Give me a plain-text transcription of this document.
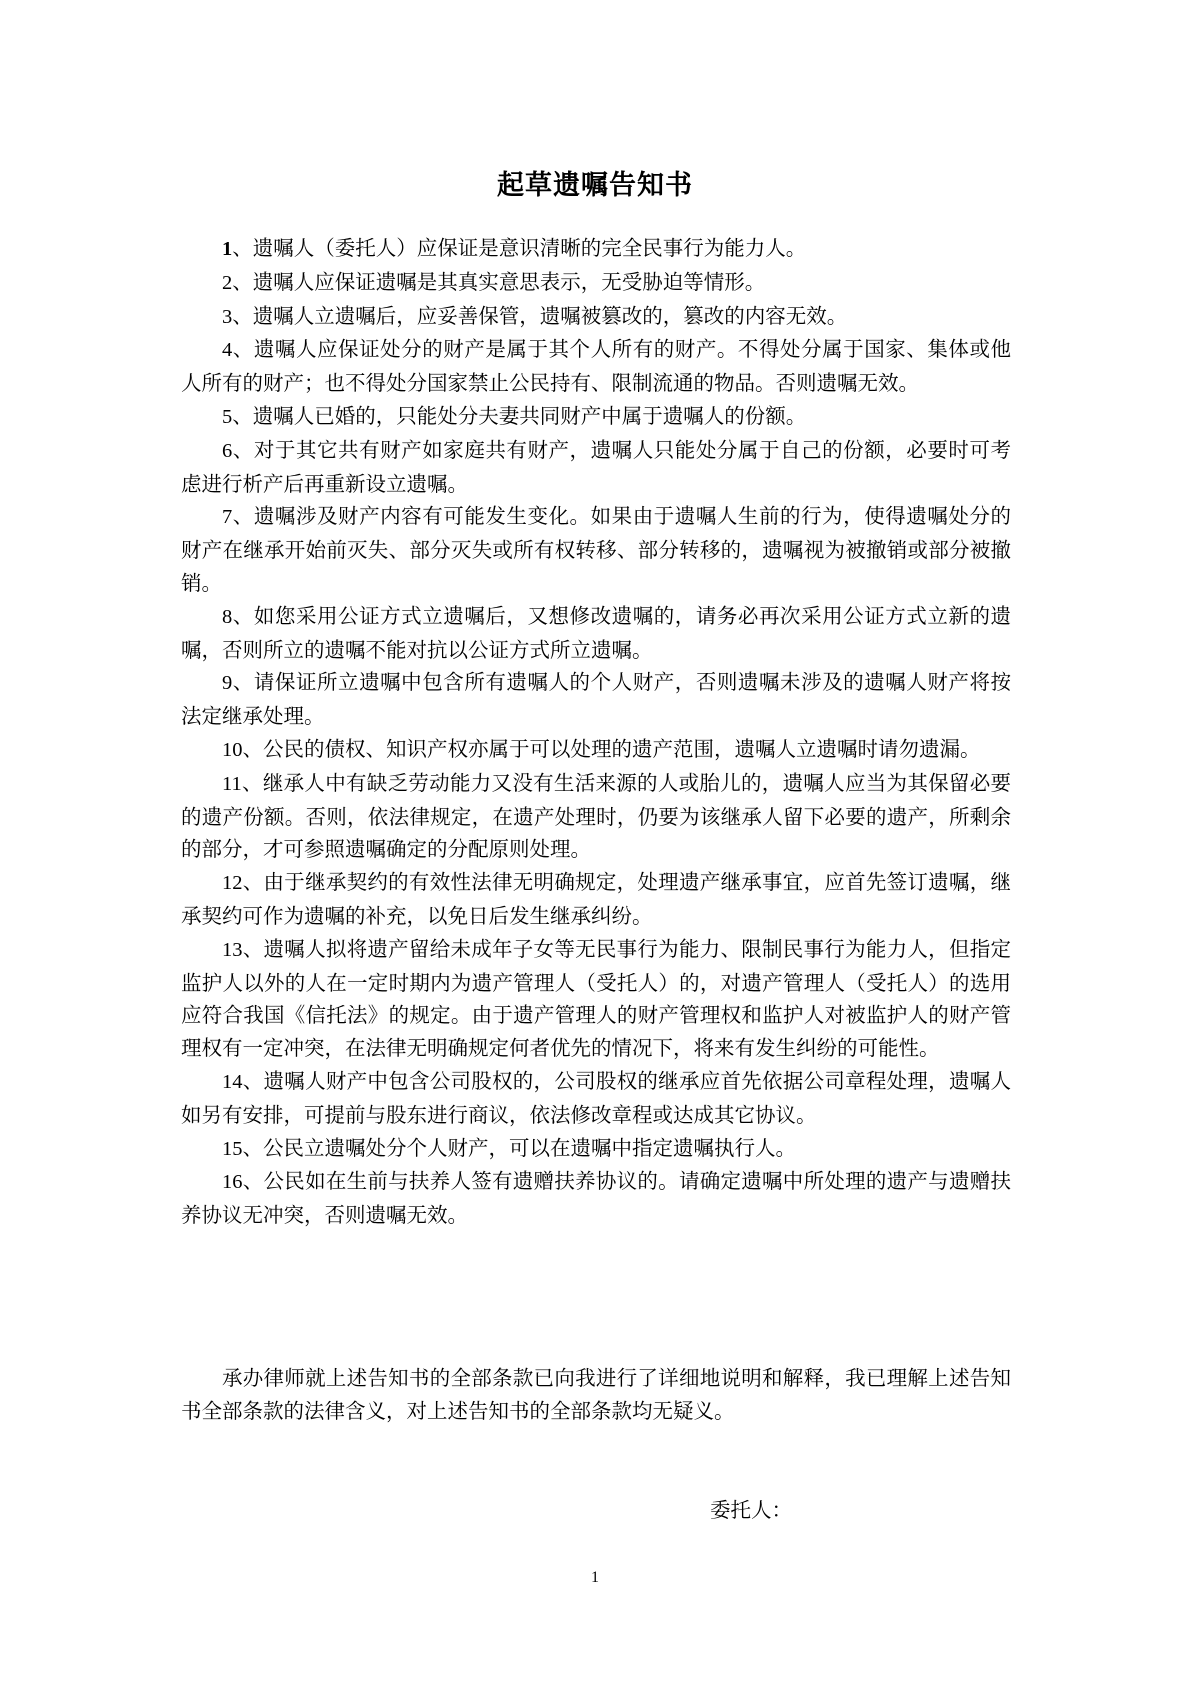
起草遗嘱告知书

1、遗嘱人（委托人）应保证是意识清晰的完全民事行为能力人。

2、遗嘱人应保证遗嘱是其真实意思表示，无受胁迫等情形。

3、遗嘱人立遗嘱后，应妥善保管，遗嘱被篡改的，篡改的内容无效。

4、遗嘱人应保证处分的财产是属于其个人所有的财产。不得处分属于国家、集体或他人所有的财产；也不得处分国家禁止公民持有、限制流通的物品。否则遗嘱无效。

5、遗嘱人已婚的，只能处分夫妻共同财产中属于遗嘱人的份额。

6、对于其它共有财产如家庭共有财产，遗嘱人只能处分属于自己的份额，必要时可考虑进行析产后再重新设立遗嘱。

7、遗嘱涉及财产内容有可能发生变化。如果由于遗嘱人生前的行为，使得遗嘱处分的财产在继承开始前灭失、部分灭失或所有权转移、部分转移的，遗嘱视为被撤销或部分被撤销。

8、如您采用公证方式立遗嘱后，又想修改遗嘱的，请务必再次采用公证方式立新的遗嘱，否则所立的遗嘱不能对抗以公证方式所立遗嘱。

9、请保证所立遗嘱中包含所有遗嘱人的个人财产，否则遗嘱未涉及的遗嘱人财产将按法定继承处理。

10、公民的债权、知识产权亦属于可以处理的遗产范围，遗嘱人立遗嘱时请勿遗漏。

11、继承人中有缺乏劳动能力又没有生活来源的人或胎儿的，遗嘱人应当为其保留必要的遗产份额。否则，依法律规定，在遗产处理时，仍要为该继承人留下必要的遗产，所剩余的部分，才可参照遗嘱确定的分配原则处理。

12、由于继承契约的有效性法律无明确规定，处理遗产继承事宜，应首先签订遗嘱，继承契约可作为遗嘱的补充，以免日后发生继承纠纷。

13、遗嘱人拟将遗产留给未成年子女等无民事行为能力、限制民事行为能力人，但指定监护人以外的人在一定时期内为遗产管理人（受托人）的，对遗产管理人（受托人）的选用应符合我国《信托法》的规定。由于遗产管理人的财产管理权和监护人对被监护人的财产管理权有一定冲突，在法律无明确规定何者优先的情况下，将来有发生纠纷的可能性。

14、遗嘱人财产中包含公司股权的，公司股权的继承应首先依据公司章程处理，遗嘱人如另有安排，可提前与股东进行商议，依法修改章程或达成其它协议。

15、公民立遗嘱处分个人财产，可以在遗嘱中指定遗嘱执行人。

16、公民如在生前与扶养人签有遗赠扶养协议的。请确定遗嘱中所处理的遗产与遗赠扶养协议无冲突，否则遗嘱无效。

承办律师就上述告知书的全部条款已向我进行了详细地说明和解释，我已理解上述告知书全部条款的法律含义，对上述告知书的全部条款均无疑义。

委托人：
1
